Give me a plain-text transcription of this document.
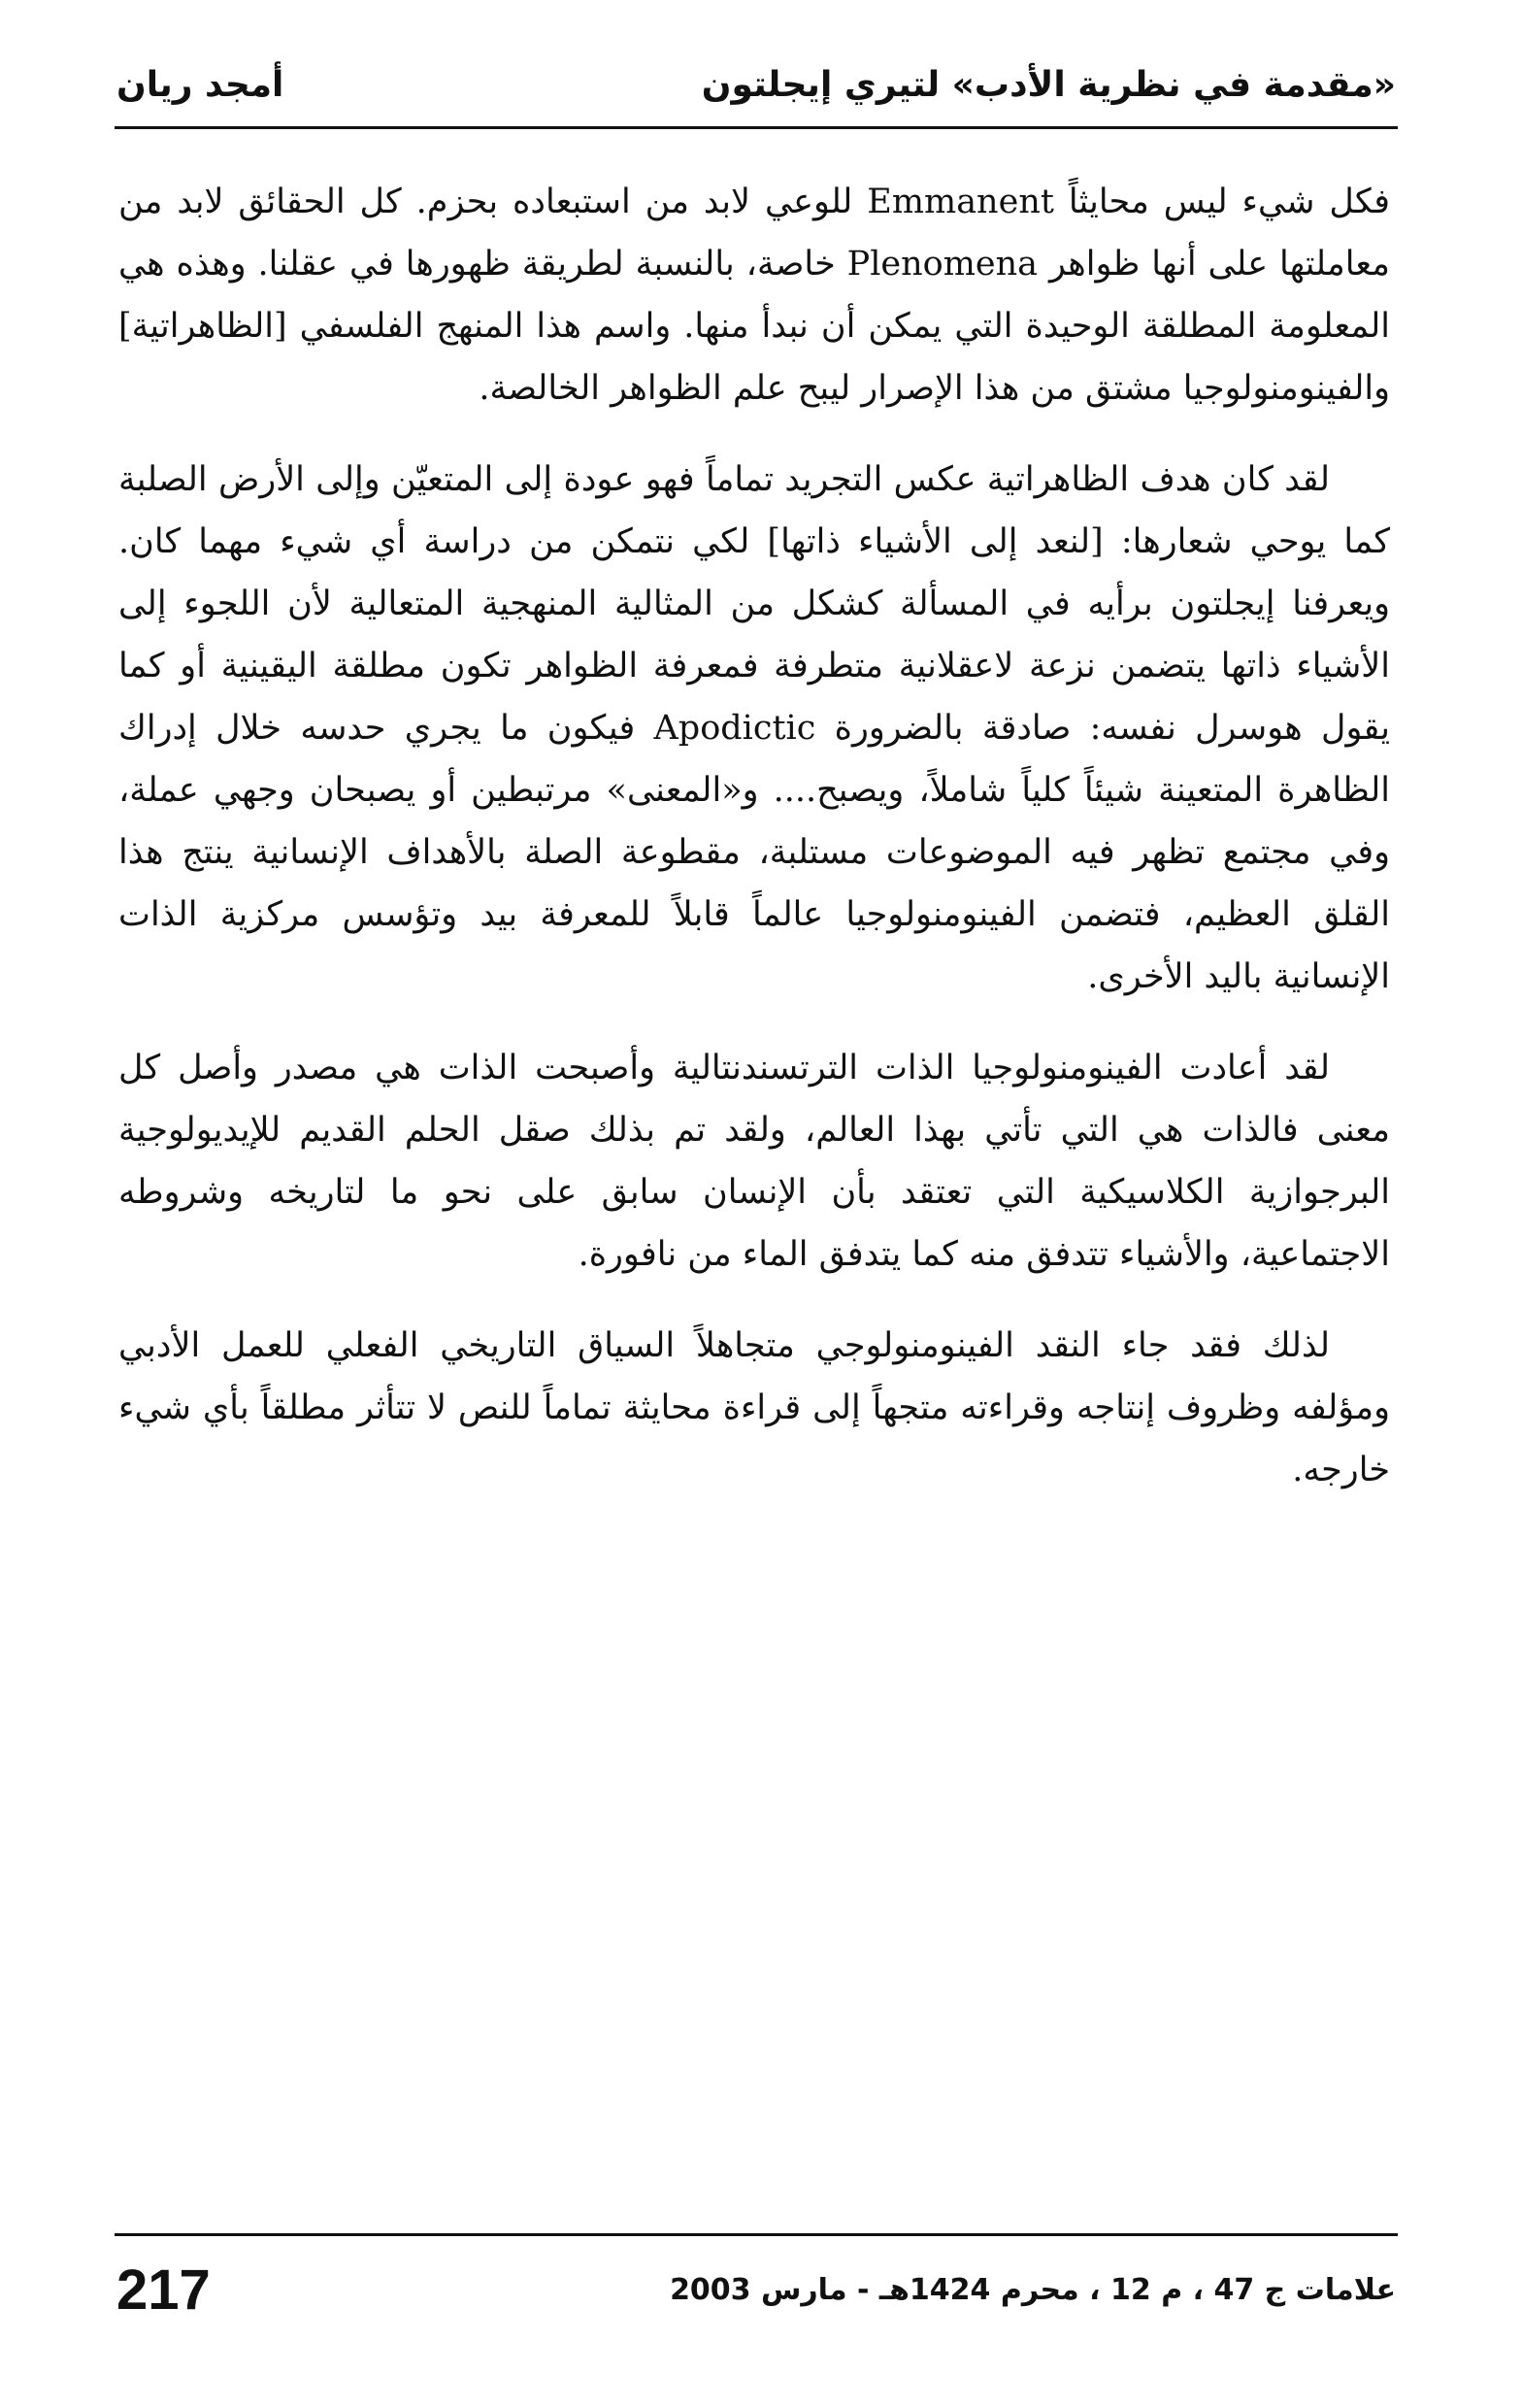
«مقدمة في نظرية الأدب» لتيري إيجلتون
أمجد ريان

فكل شيء ليس محايثاً Emmanent للوعي لابد من استبعاده بحزم. كل الحقائق لابد من معاملتها على أنها ظواهر Plenomena خاصة، بالنسبة لطريقة ظهورها في عقلنا. وهذه هي المعلومة المطلقة الوحيدة التي يمكن أن نبدأ منها. واسم هذا المنهج الفلسفي [الظاهراتية] والفينومنولوجيا مشتق من هذا الإصرار ليبح علم الظواهر الخالصة.

لقد كان هدف الظاهراتية عكس التجريد تماماً فهو عودة إلى المتعيّن وإلى الأرض الصلبة كما يوحي شعارها: [لنعد إلى الأشياء ذاتها] لكي نتمكن من دراسة أي شيء مهما كان. ويعرفنا إيجلتون برأيه في المسألة كشكل من المثالية المنهجية المتعالية لأن اللجوء إلى الأشياء ذاتها يتضمن نزعة لاعقلانية متطرفة فمعرفة الظواهر تكون مطلقة اليقينية أو كما يقول هوسرل نفسه: صادقة بالضرورة Apodictic فيكون ما يجري حدسه خلال إدراك الظاهرة المتعينة شيئاً كلياً شاملاً، ويصبح.... و«المعنى» مرتبطين أو يصبحان وجهي عملة، وفي مجتمع تظهر فيه الموضوعات مستلبة، مقطوعة الصلة بالأهداف الإنسانية ينتج هذا القلق العظيم، فتضمن الفينومنولوجيا عالماً قابلاً للمعرفة بيد وتؤسس مركزية الذات الإنسانية باليد الأخرى.

لقد أعادت الفينومنولوجيا الذات الترتسندنتالية وأصبحت الذات هي مصدر وأصل كل معنى فالذات هي التي تأتي بهذا العالم، ولقد تم بذلك صقل الحلم القديم للإيديولوجية البرجوازية الكلاسيكية التي تعتقد بأن الإنسان سابق على نحو ما لتاريخه وشروطه الاجتماعية، والأشياء تتدفق منه كما يتدفق الماء من نافورة.

لذلك فقد جاء النقد الفينومنولوجي متجاهلاً السياق التاريخي الفعلي للعمل الأدبي ومؤلفه وظروف إنتاجه وقراءته متجهاً إلى قراءة محايثة تماماً للنص لا تتأثر مطلقاً بأي شيء خارجه.

علامات ج 47 ، م 12 ، محرم 1424هـ - مارس 2003
217
